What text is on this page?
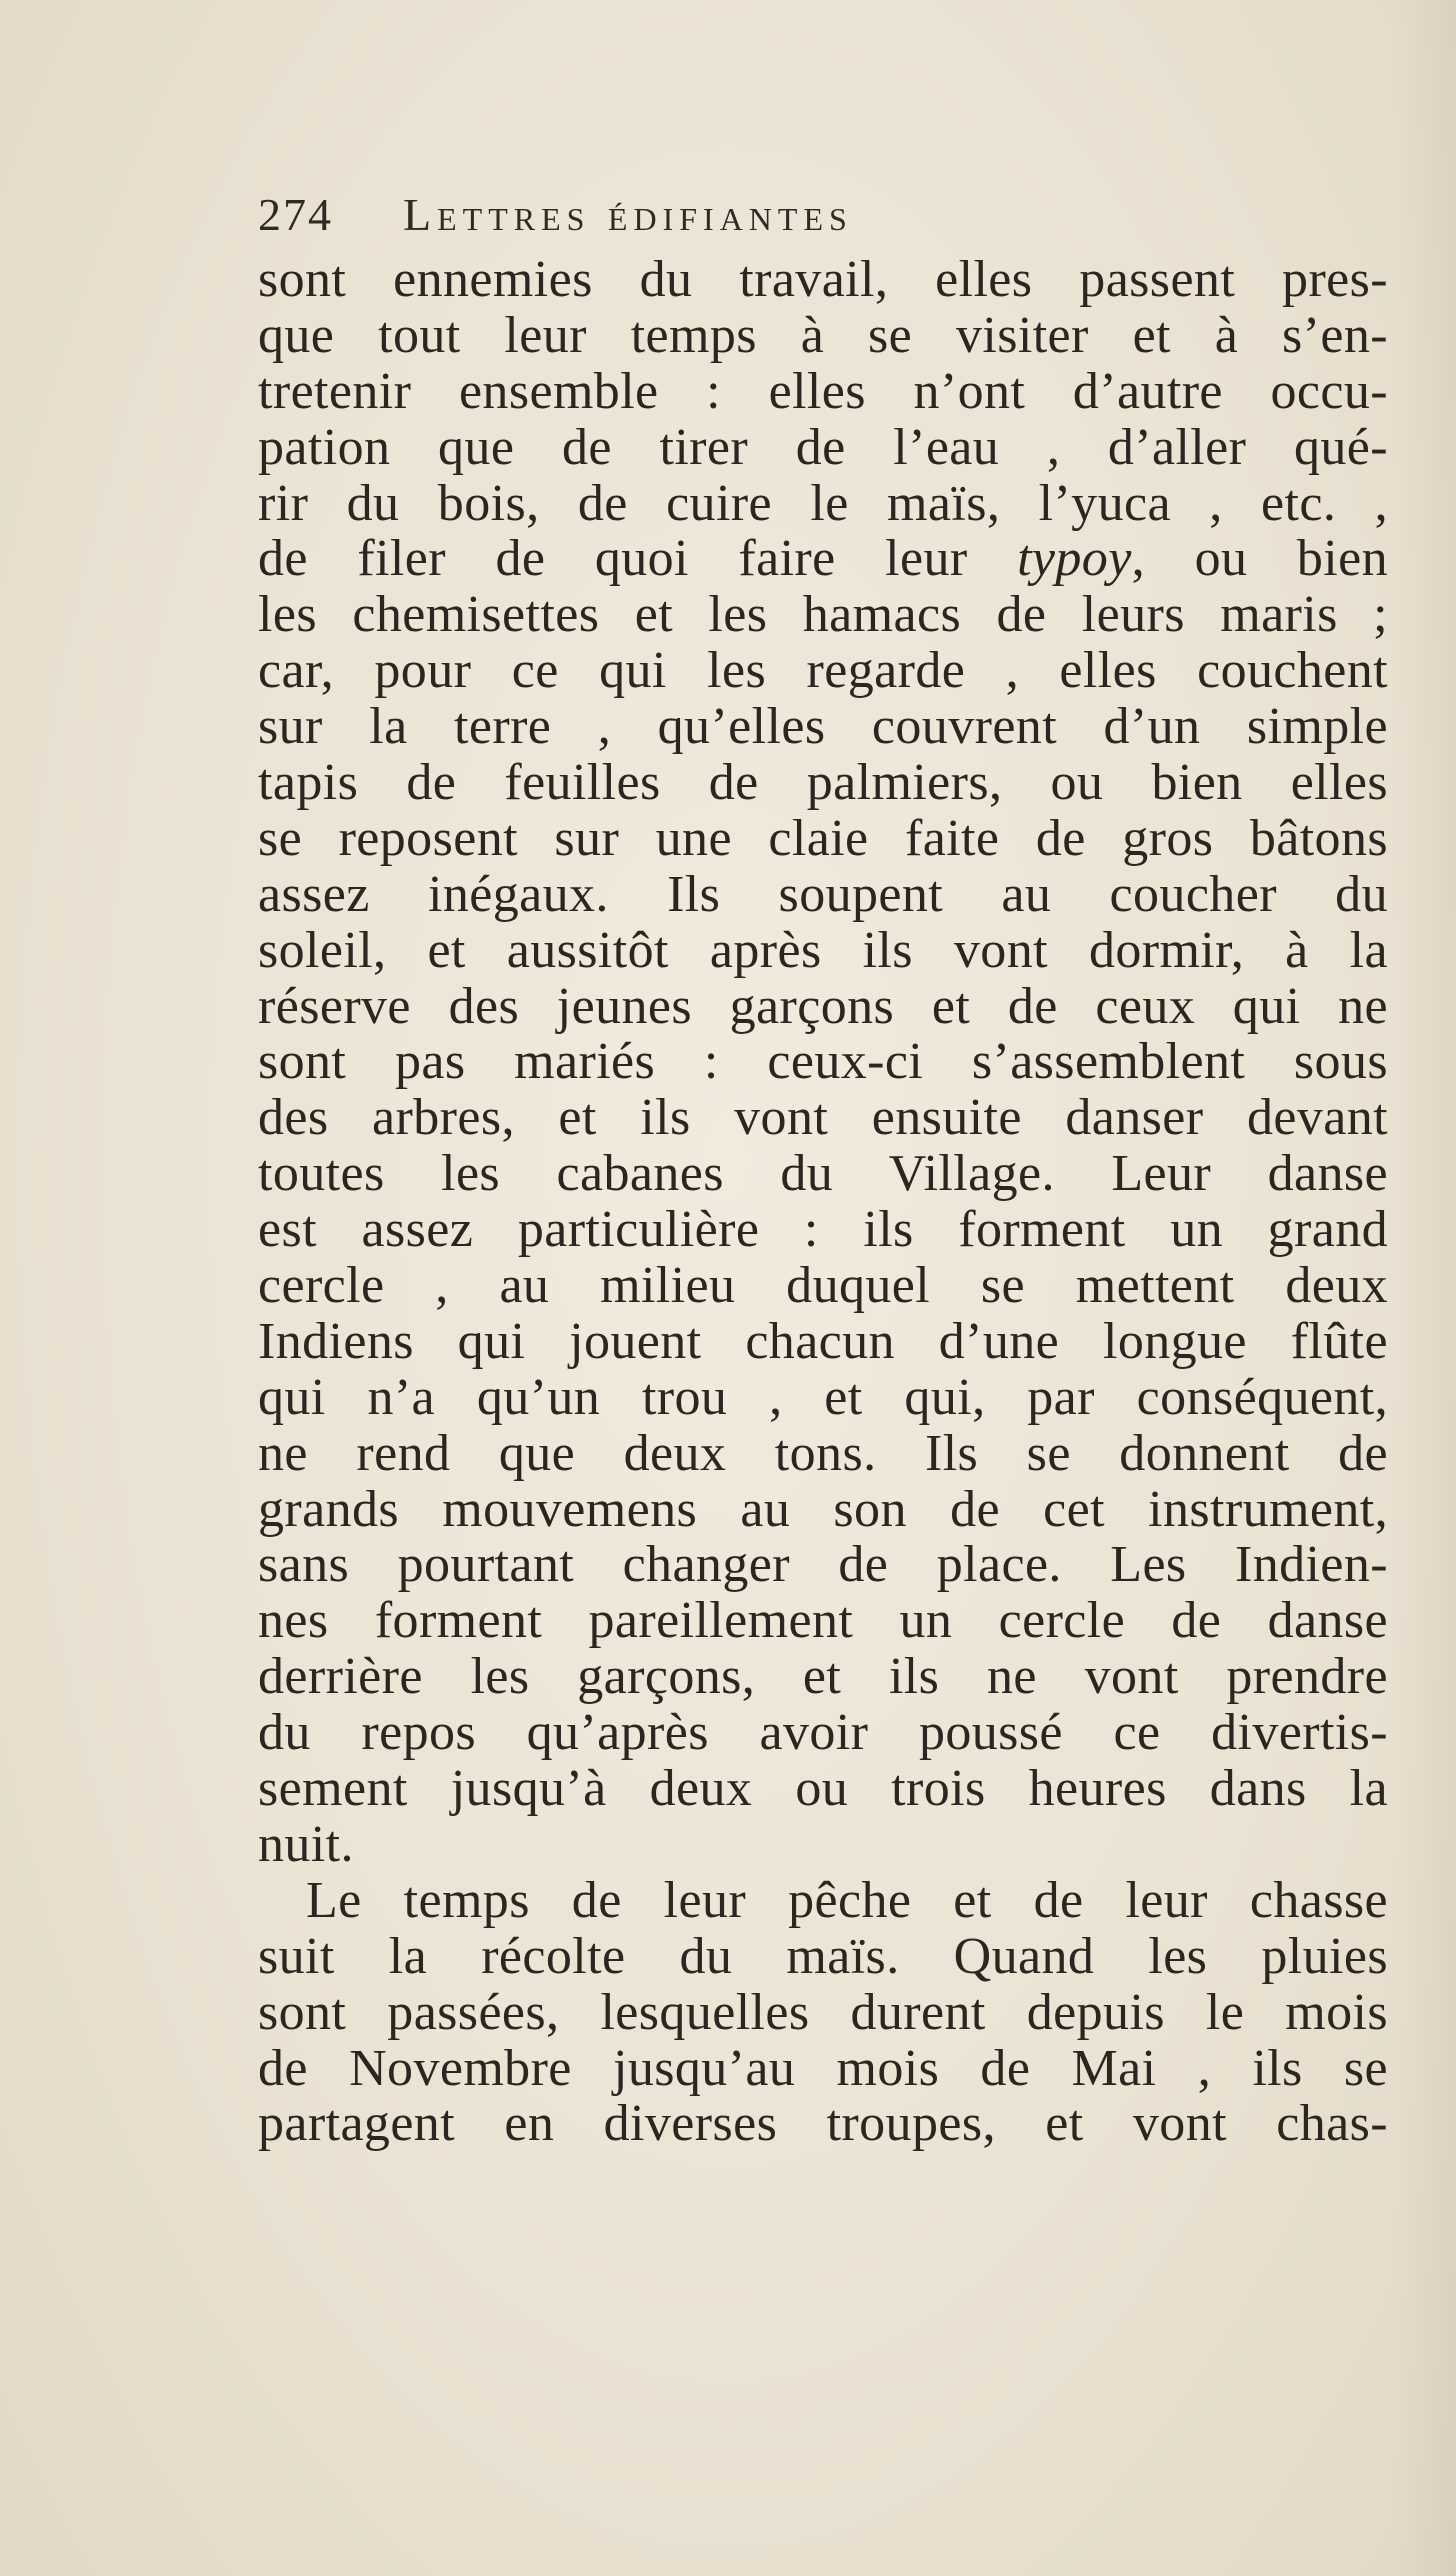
274 Lettres édifiantes
sont ennemies du travail, elles passent pres-
que tout leur temps à se visiter et à s’en-
tretenir ensemble : elles n’ont d’autre occu-
pation que de tirer de l’eau , d’aller qué-
rir du bois, de cuire le maïs, l’yuca , etc. ,
de filer de quoi faire leur typoy, ou bien
les chemisettes et les hamacs de leurs maris ;
car, pour ce qui les regarde , elles couchent
sur la terre , qu’elles couvrent d’un simple
tapis de feuilles de palmiers, ou bien elles
se reposent sur une claie faite de gros bâtons
assez inégaux. Ils soupent au coucher du
soleil, et aussitôt après ils vont dormir, à la
réserve des jeunes garçons et de ceux qui ne
sont pas mariés : ceux-ci s’assemblent sous
des arbres, et ils vont ensuite danser devant
toutes les cabanes du Village. Leur danse
est assez particulière : ils forment un grand
cercle , au milieu duquel se mettent deux
Indiens qui jouent chacun d’une longue flûte
qui n’a qu’un trou , et qui, par conséquent,
ne rend que deux tons. Ils se donnent de
grands mouvemens au son de cet instrument,
sans pourtant changer de place. Les Indien-
nes forment pareillement un cercle de danse
derrière les garçons, et ils ne vont prendre
du repos qu’après avoir poussé ce divertis-
sement jusqu’à deux ou trois heures dans la
nuit.
Le temps de leur pêche et de leur chasse
suit la récolte du maïs. Quand les pluies
sont passées, lesquelles durent depuis le mois
de Novembre jusqu’au mois de Mai , ils se
partagent en diverses troupes, et vont chas-
